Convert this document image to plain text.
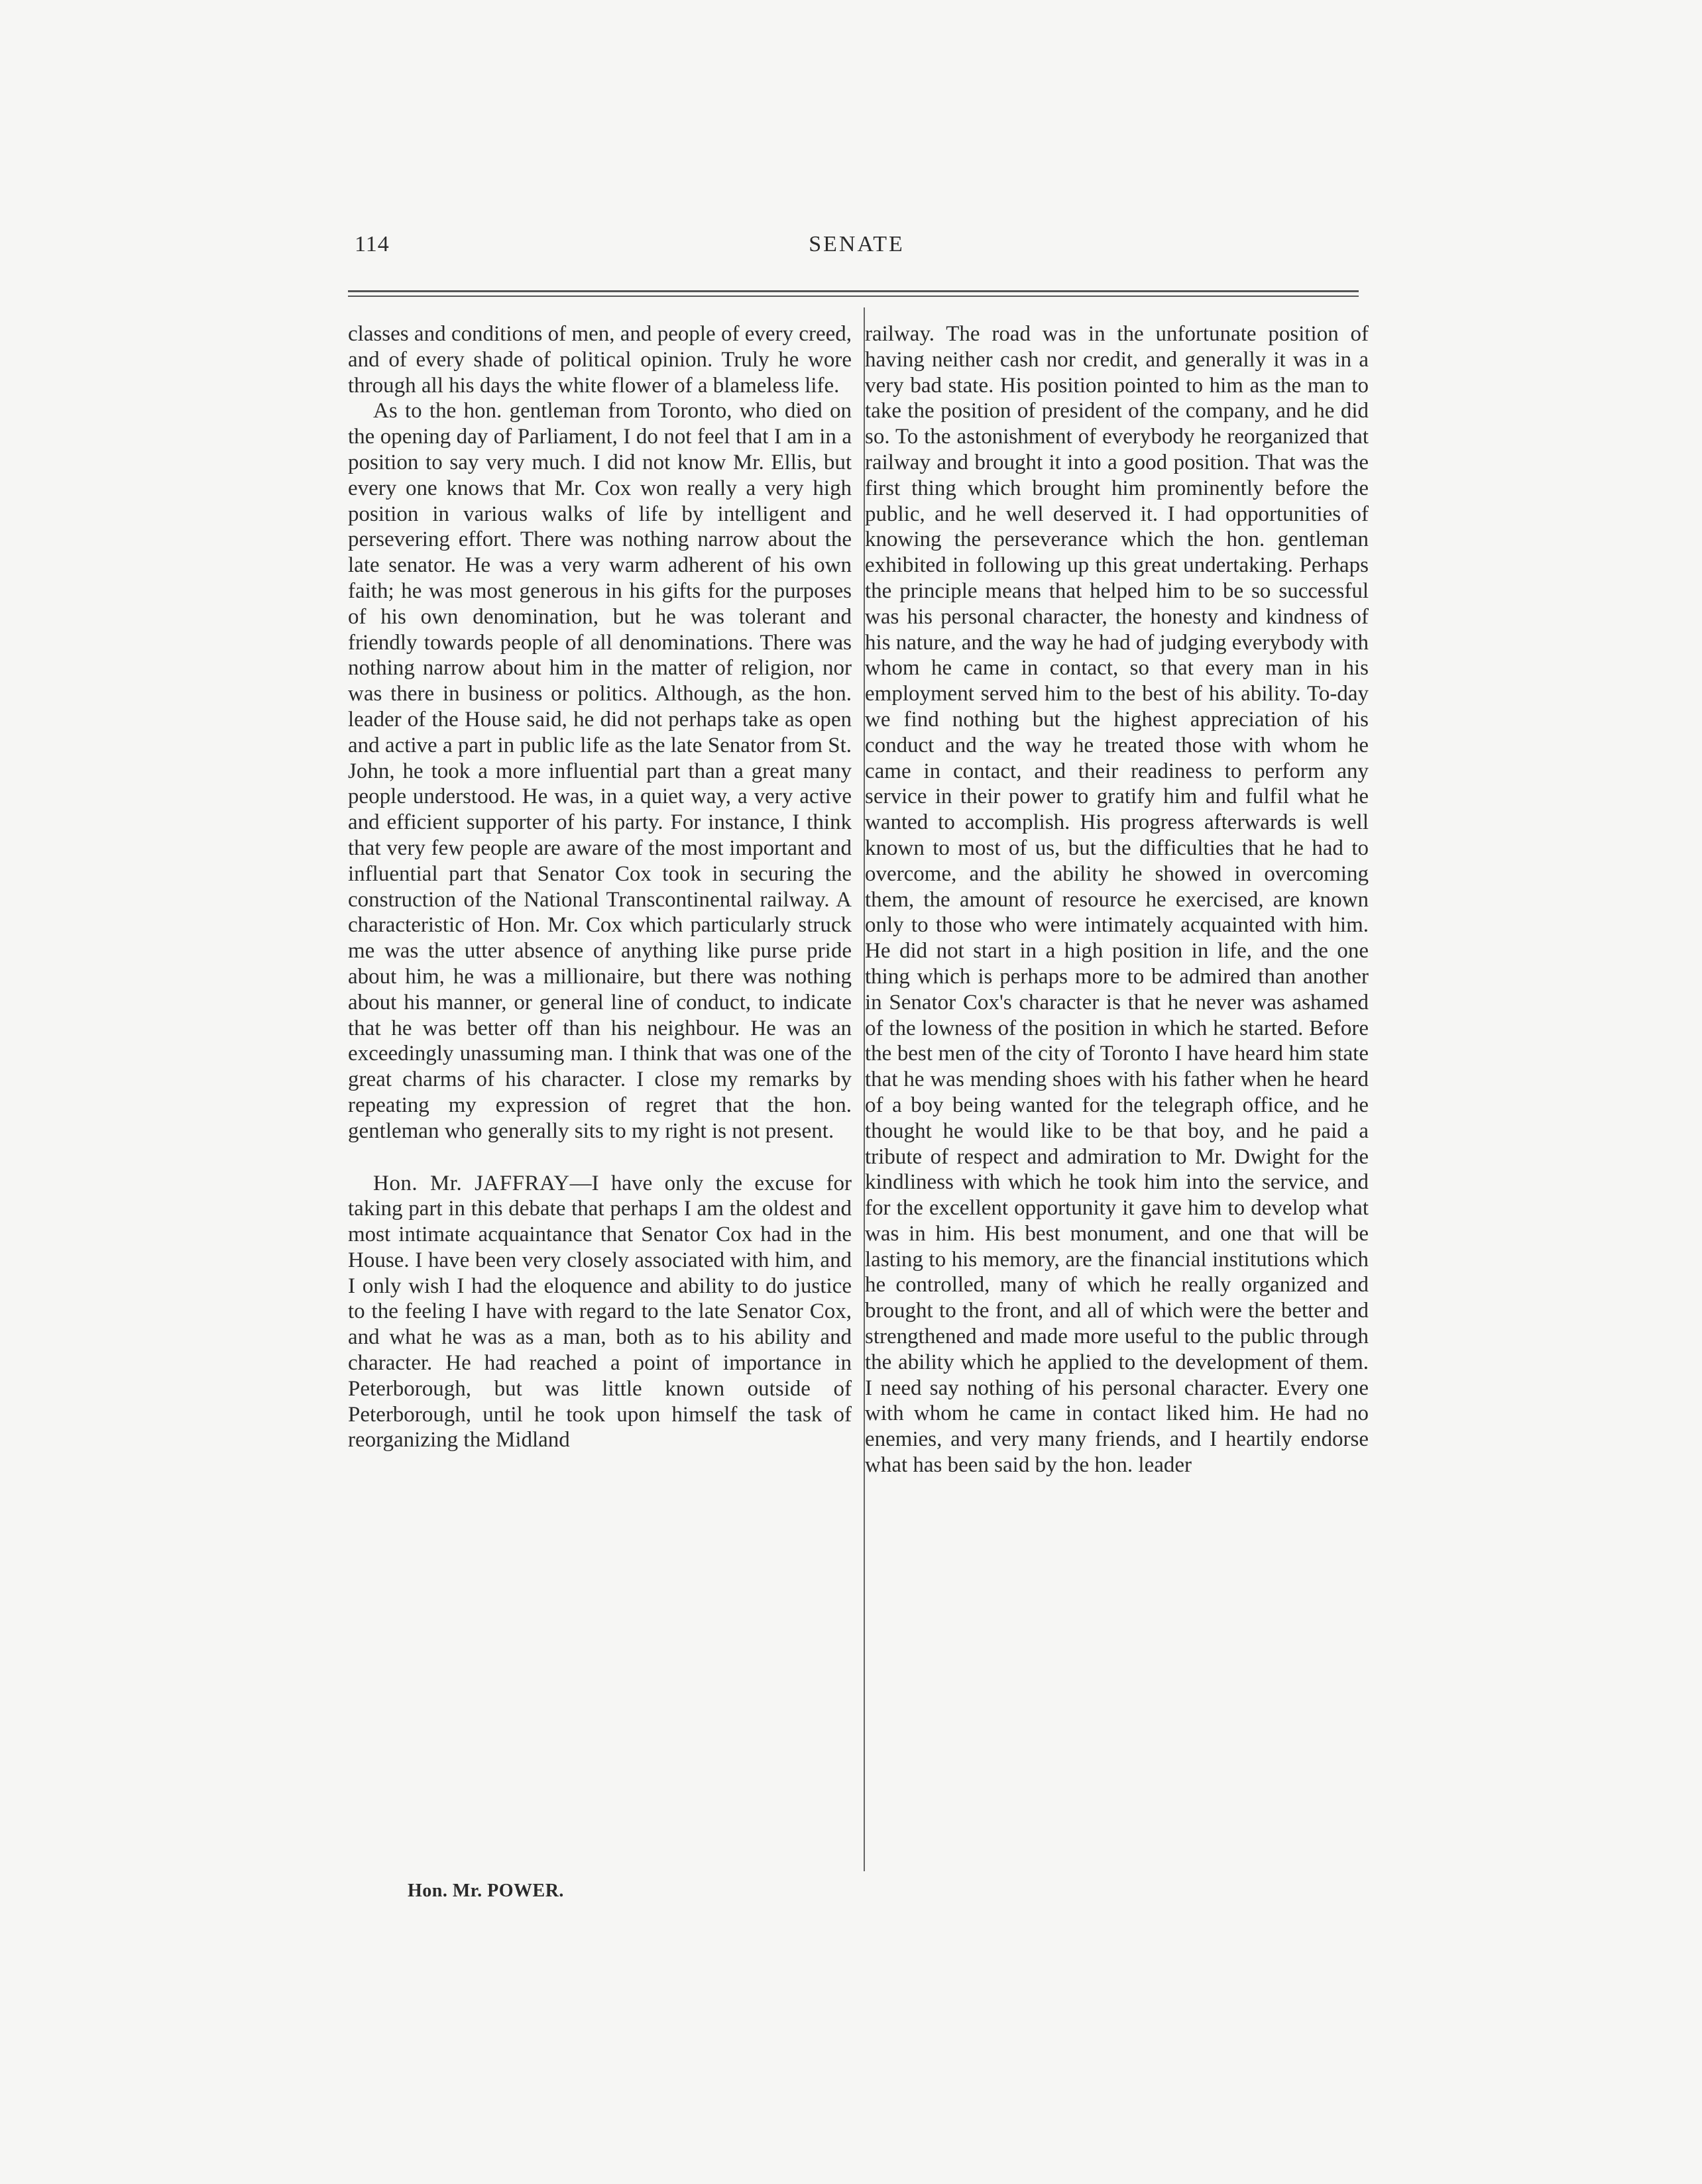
114	SENATE

classes and conditions of men, and people of every creed, and of every shade of political opinion. Truly he wore through all his days the white flower of a blameless life.

As to the hon. gentleman from Toronto, who died on the opening day of Parliament, I do not feel that I am in a position to say very much. I did not know Mr. Ellis, but every one knows that Mr. Cox won really a very high position in various walks of life by intelligent and persevering effort. There was nothing narrow about the late senator. He was a very warm adherent of his own faith; he was most generous in his gifts for the purposes of his own denomination, but he was tolerant and friendly towards people of all denominations. There was nothing narrow about him in the matter of religion, nor was there in business or politics. Although, as the hon. leader of the House said, he did not perhaps take as open and active a part in public life as the late Senator from St. John, he took a more influential part than a great many people understood. He was, in a quiet way, a very active and efficient supporter of his party. For instance, I think that very few people are aware of the most important and influential part that Senator Cox took in securing the construction of the National Transcontinental railway. A characteristic of Hon. Mr. Cox which particularly struck me was the utter absence of anything like purse pride about him, he was a millionaire, but there was nothing about his manner, or general line of conduct, to indicate that he was better off than his neighbour. He was an exceedingly unassuming man. I think that was one of the great charms of his character. I close my remarks by repeating my expression of regret that the hon. gentleman who generally sits to my right is not present.

Hon. Mr. JAFFRAY—I have only the excuse for taking part in this debate that perhaps I am the oldest and most intimate acquaintance that Senator Cox had in the House. I have been very closely associated with him, and I only wish I had the eloquence and ability to do justice to the feeling I have with regard to the late Senator Cox, and what he was as a man, both as to his ability and character. He had reached a point of importance in Peterborough, but was little known outside of Peterborough, until he took upon himself the task of reorganizing the Midland

railway. The road was in the unfortunate position of having neither cash nor credit, and generally it was in a very bad state. His position pointed to him as the man to take the position of president of the company, and he did so. To the astonishment of everybody he reorganized that railway and brought it into a good position. That was the first thing which brought him prominently before the public, and he well deserved it. I had opportunities of knowing the perseverance which the hon. gentleman exhibited in following up this great undertaking. Perhaps the principle means that helped him to be so successful was his personal character, the honesty and kindness of his nature, and the way he had of judging everybody with whom he came in contact, so that every man in his employment served him to the best of his ability. To-day we find nothing but the highest appreciation of his conduct and the way he treated those with whom he came in contact, and their readiness to perform any service in their power to gratify him and fulfil what he wanted to accomplish. His progress afterwards is well known to most of us, but the difficulties that he had to overcome, and the ability he showed in overcoming them, the amount of resource he exercised, are known only to those who were intimately acquainted with him. He did not start in a high position in life, and the one thing which is perhaps more to be admired than another in Senator Cox's character is that he never was ashamed of the lowness of the position in which he started. Before the best men of the city of Toronto I have heard him state that he was mending shoes with his father when he heard of a boy being wanted for the telegraph office, and he thought he would like to be that boy, and he paid a tribute of respect and admiration to Mr. Dwight for the kindliness with which he took him into the service, and for the excellent opportunity it gave him to develop what was in him. His best monument, and one that will be lasting to his memory, are the financial institutions which he controlled, many of which he really organized and brought to the front, and all of which were the better and strengthened and made more useful to the public through the ability which he applied to the development of them. I need say nothing of his personal character. Every one with whom he came in contact liked him. He had no enemies, and very many friends, and I heartily endorse what has been said by the hon. leader

Hon. Mr. POWER.
